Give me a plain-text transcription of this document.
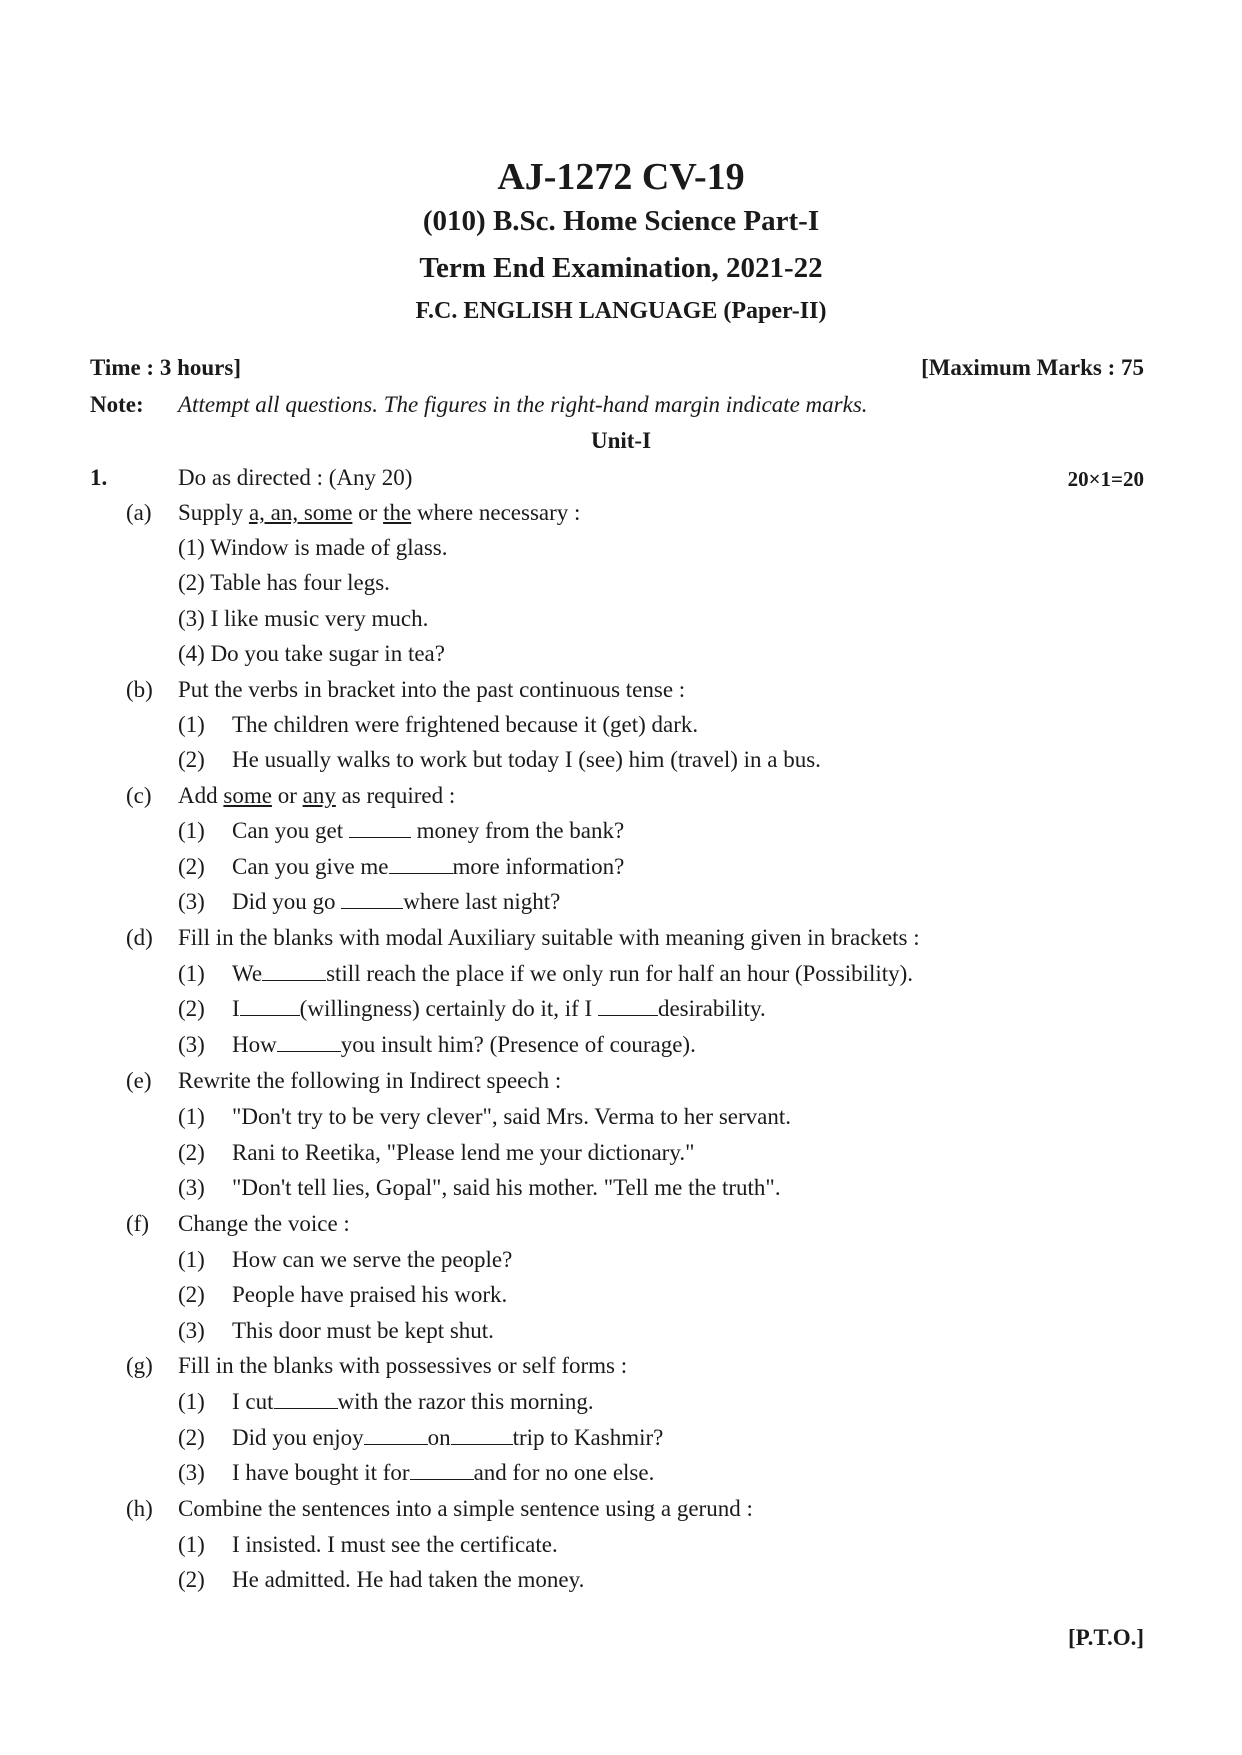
AJ-1272 CV-19
(010) B.Sc. Home Science Part-I
Term End Examination, 2021-22
F.C. ENGLISH LANGUAGE (Paper-II)
Time : 3 hours]	[Maximum Marks : 75
Note: Attempt all questions. The figures in the right-hand margin indicate marks.
Unit-I
1.	Do as directed : (Any 20)	20×1=20
(a) Supply a, an, some or the where necessary :
(1) Window is made of glass.
(2) Table has four legs.
(3) I like music very much.
(4) Do you take sugar in tea?
(b) Put the verbs in bracket into the past continuous tense :
(1) The children were frightened because it (get) dark.
(2) He usually walks to work but today I (see) him (travel) in a bus.
(c) Add some or any as required :
(1) Can you get	money from the bank?
(2) Can you give me	more information?
(3) Did you go	where last night?
(d) Fill in the blanks with modal Auxiliary suitable with meaning given in brackets :
(1) We	still reach the place if we only run for half an hour (Possibility).
(2) I	(willingness) certainly do it, if I	desirability.
(3) How	you insult him? (Presence of courage).
(e) Rewrite the following in Indirect speech :
(1) "Don't try to be very clever", said Mrs. Verma to her servant.
(2) Rani to Reetika, "Please lend me your dictionary."
(3) "Don't tell lies, Gopal", said his mother. "Tell me the truth".
(f) Change the voice :
(1) How can we serve the people?
(2) People have praised his work.
(3) This door must be kept shut.
(g) Fill in the blanks with possessives or self forms :
(1) I cut	with the razor this morning.
(2) Did you enjoy	on	trip to Kashmir?
(3) I have bought it for	and for no one else.
(h) Combine the sentences into a simple sentence using a gerund :
(1) I insisted. I must see the certificate.
(2) He admitted. He had taken the money.
[P.T.O.]
